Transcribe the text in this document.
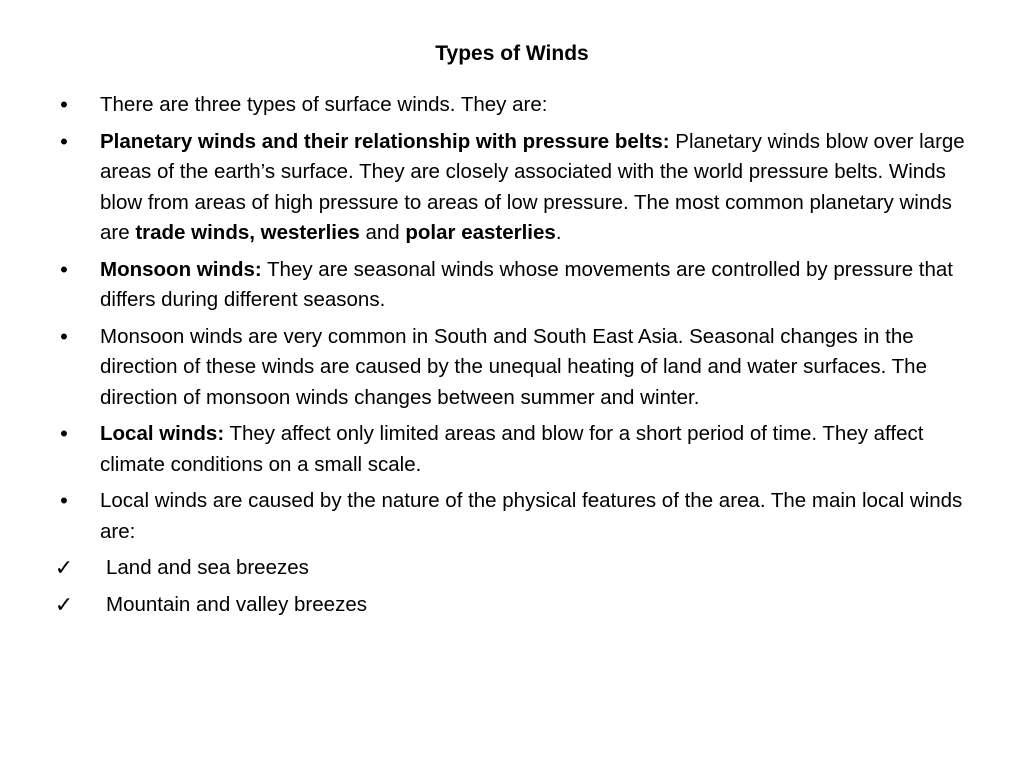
Types of Winds
•	There are three types of surface winds. They are:
•	Planetary winds and their relationship with pressure belts: Planetary winds blow over large areas of the earth’s surface. They are closely associated with the world pressure belts. Winds blow from areas of high pressure to areas of low pressure. The most common planetary winds are trade winds, westerlies and polar easterlies.
•	Monsoon winds: They are seasonal winds whose movements are controlled by pressure that differs during different seasons.
•	Monsoon winds are very common in South and South East Asia. Seasonal changes in the direction of these winds are caused by the unequal heating of land and water surfaces. The direction of monsoon winds changes between summer and winter.
•	Local winds: They affect only limited areas and blow for a short period of time. They affect climate conditions on a small scale.
•	Local winds are caused by the nature of the physical features of the area. The main local winds are:
✓ Land and sea breezes
✓ Mountain and valley breezes
